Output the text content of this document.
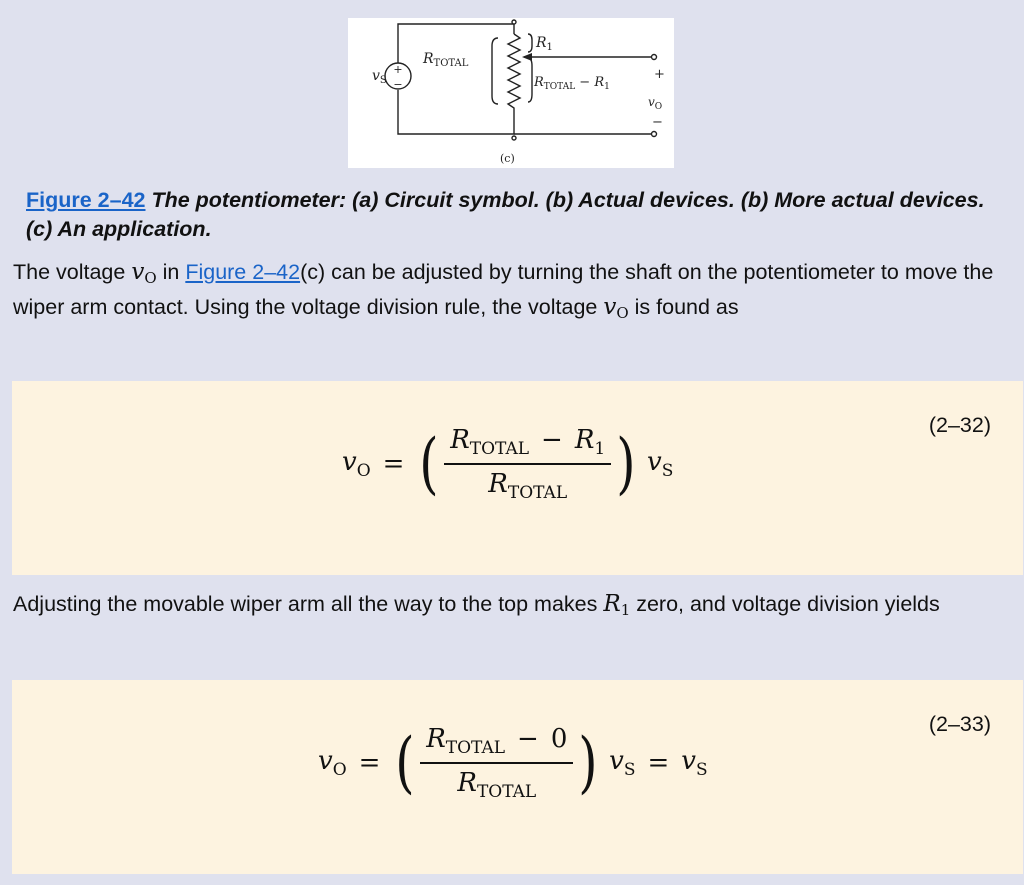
+
−
$v_S$
$R_{TOTAL}$
$R_1$
$R_{TOTAL} - R_1$
+
$v_O$
−
(c)
Figure 2–42 The potentiometer: (a) Circuit symbol. (b) Actual devices. (b) More actual devices. (c) An application.
The voltage $v_O$ in Figure 2–42(c) can be adjusted by turning the shaft on the potentiometer to move the wiper arm contact. Using the voltage division rule, the voltage $v_O$ is found as
(2–32)
$v_O$ = ( $\frac{R_{TOTAL} - R_1}{R_{TOTAL}}$ ) $v_S$
Adjusting the movable wiper arm all the way to the top makes $R_1$ zero, and voltage division yields
(2–33)
$v_O$ = ( $\frac{R_{TOTAL} - 0}{R_{TOTAL}}$ ) $v_S = v_S$
